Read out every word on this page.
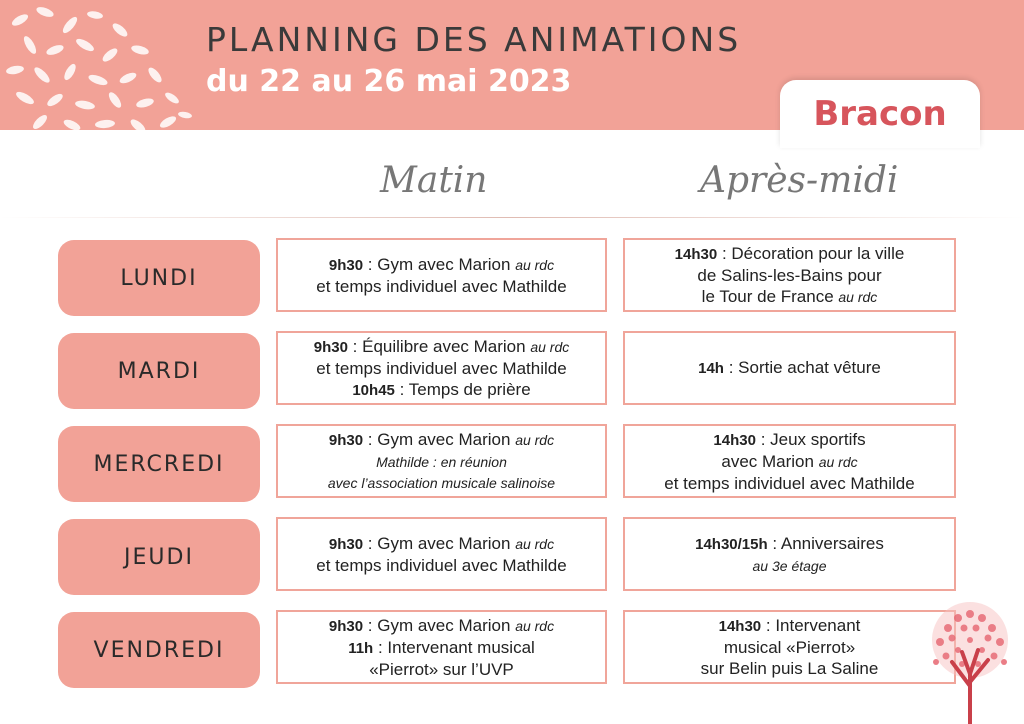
PLANNING DES ANIMATIONS
du 22 au 26 mai 2023
Bracon
Matin	Après-midi
LUNDI
9h30 : Gym avec Marion au rdc
et temps individuel avec Mathilde
14h30 : Décoration pour la ville
de Salins-les-Bains pour
le Tour de France au rdc
MARDI
9h30 : Équilibre avec Marion au rdc
et temps individuel avec Mathilde
10h45 : Temps de prière
14h : Sortie achat vêture
MERCREDI
9h30 : Gym avec Marion au rdc
Mathilde : en réunion
avec l’association musicale salinoise
14h30 : Jeux sportifs
avec Marion au rdc
et temps individuel avec Mathilde
JEUDI
9h30 : Gym avec Marion au rdc
et temps individuel avec Mathilde
14h30/15h : Anniversaires
au 3e étage
VENDREDI
9h30 : Gym avec Marion au rdc
11h : Intervenant musical
«Pierrot» sur l’UVP
14h30 : Intervenant
musical «Pierrot»
sur Belin puis La Saline
